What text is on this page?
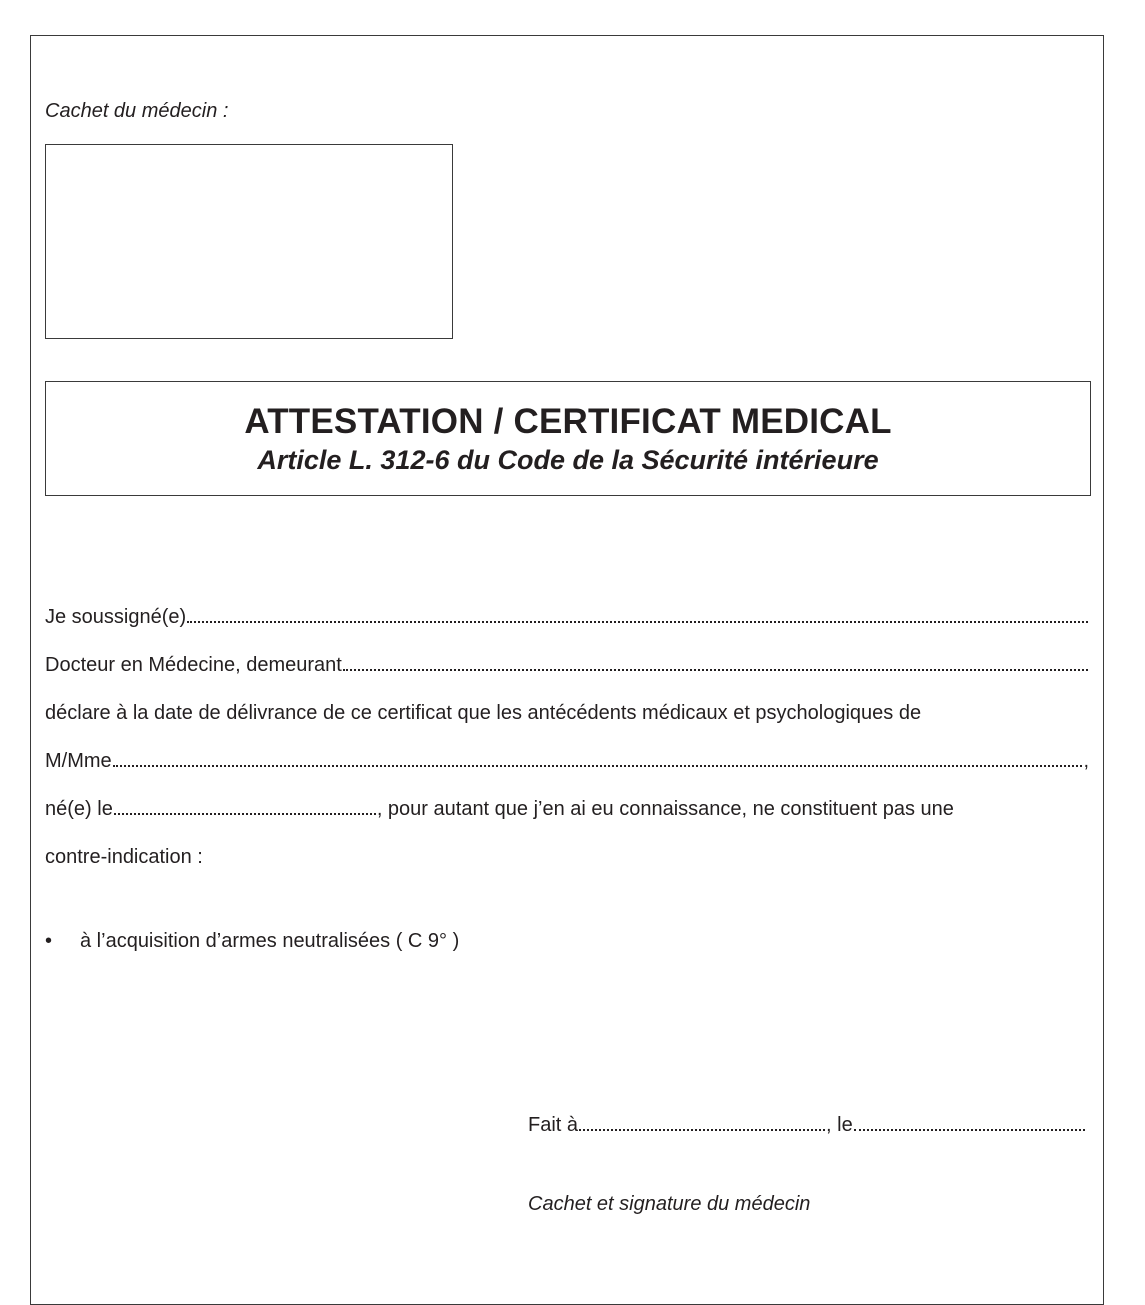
Cachet du médecin :
ATTESTATION / CERTIFICAT MEDICAL
Article L. 312-6 du Code de la Sécurité intérieure
Je soussigné(e)
Docteur en Médecine, demeurant
déclare à la date de délivrance de ce certificat que les antécédents médicaux et psychologiques de
M/Mme	,
né(e) le	, pour autant que j’en ai eu connaissance, ne constituent pas une
contre-indication :
•	à l’acquisition d’armes neutralisées ( C 9° )
Fait à	, le
Cachet et signature du médecin
